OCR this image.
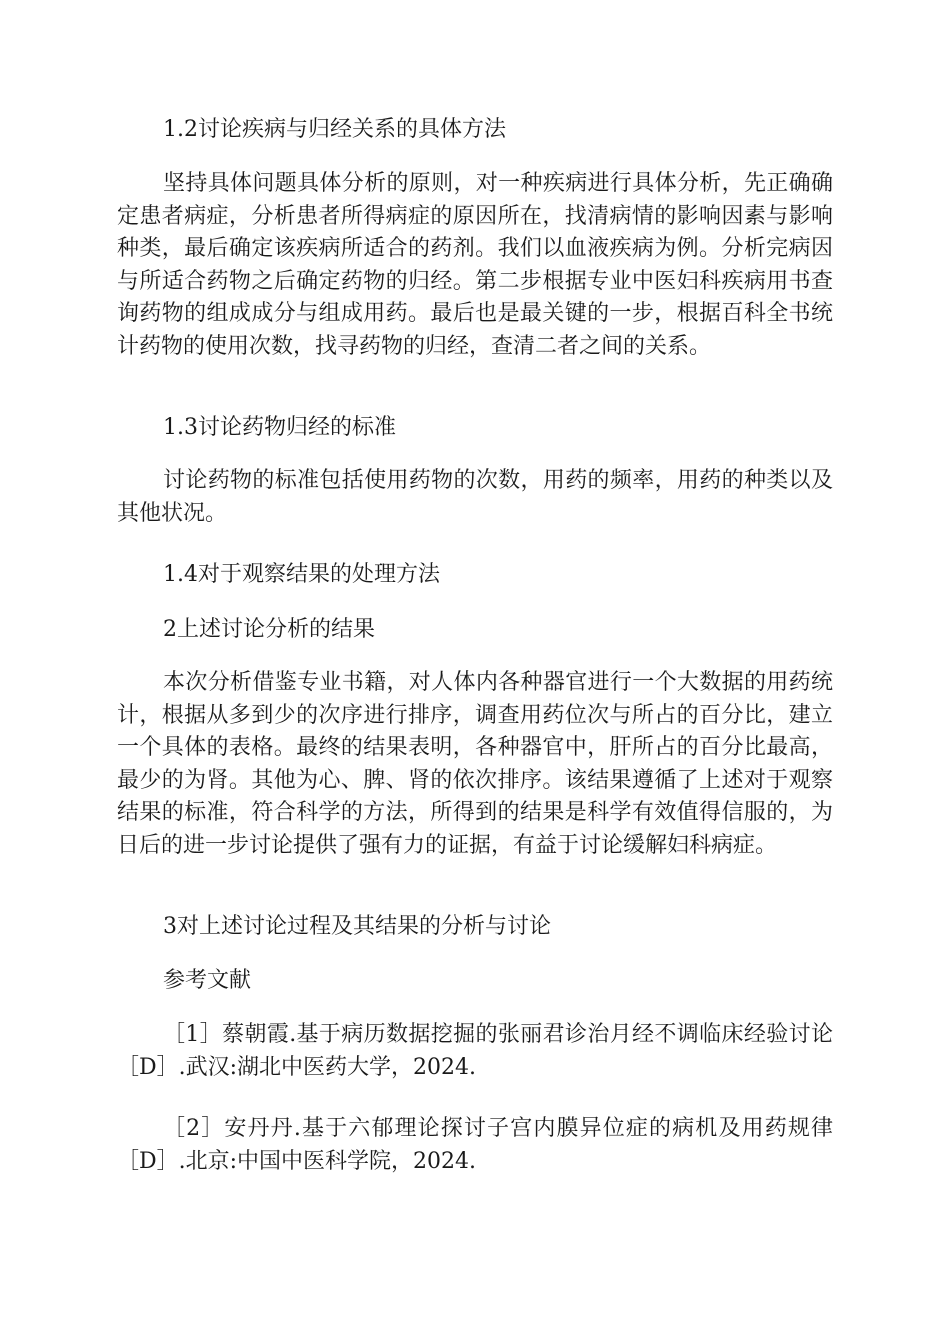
1.2讨论疾病与归经关系的具体方法

坚持具体问题具体分析的原则，对一种疾病进行具体分析，先正确确定患者病症，分析患者所得病症的原因所在，找清病情的影响因素与影响种类，最后确定该疾病所适合的药剂。我们以血液疾病为例。分析完病因与所适合药物之后确定药物的归经。第二步根据专业中医妇科疾病用书查询药物的组成成分与组成用药。最后也是最关键的一步，根据百科全书统计药物的使用次数，找寻药物的归经，查清二者之间的关系。

1.3讨论药物归经的标准

讨论药物的标准包括使用药物的次数，用药的频率，用药的种类以及其他状况。

1.4对于观察结果的处理方法

2上述讨论分析的结果

本次分析借鉴专业书籍，对人体内各种器官进行一个大数据的用药统计，根据从多到少的次序进行排序，调查用药位次与所占的百分比，建立一个具体的表格。最终的结果表明，各种器官中，肝所占的百分比最高，最少的为肾。其他为心、脾、肾的依次排序。该结果遵循了上述对于观察结果的标准，符合科学的方法，所得到的结果是科学有效值得信服的，为日后的进一步讨论提供了强有力的证据，有益于讨论缓解妇科病症。

3对上述讨论过程及其结果的分析与讨论

参考文献

［1］蔡朝霞.基于病历数据挖掘的张丽君诊治月经不调临床经验讨论［D］.武汉:湖北中医药大学，2024.

［2］安丹丹.基于六郁理论探讨子宫内膜异位症的病机及用药规律［D］.北京:中国中医科学院，2024.
